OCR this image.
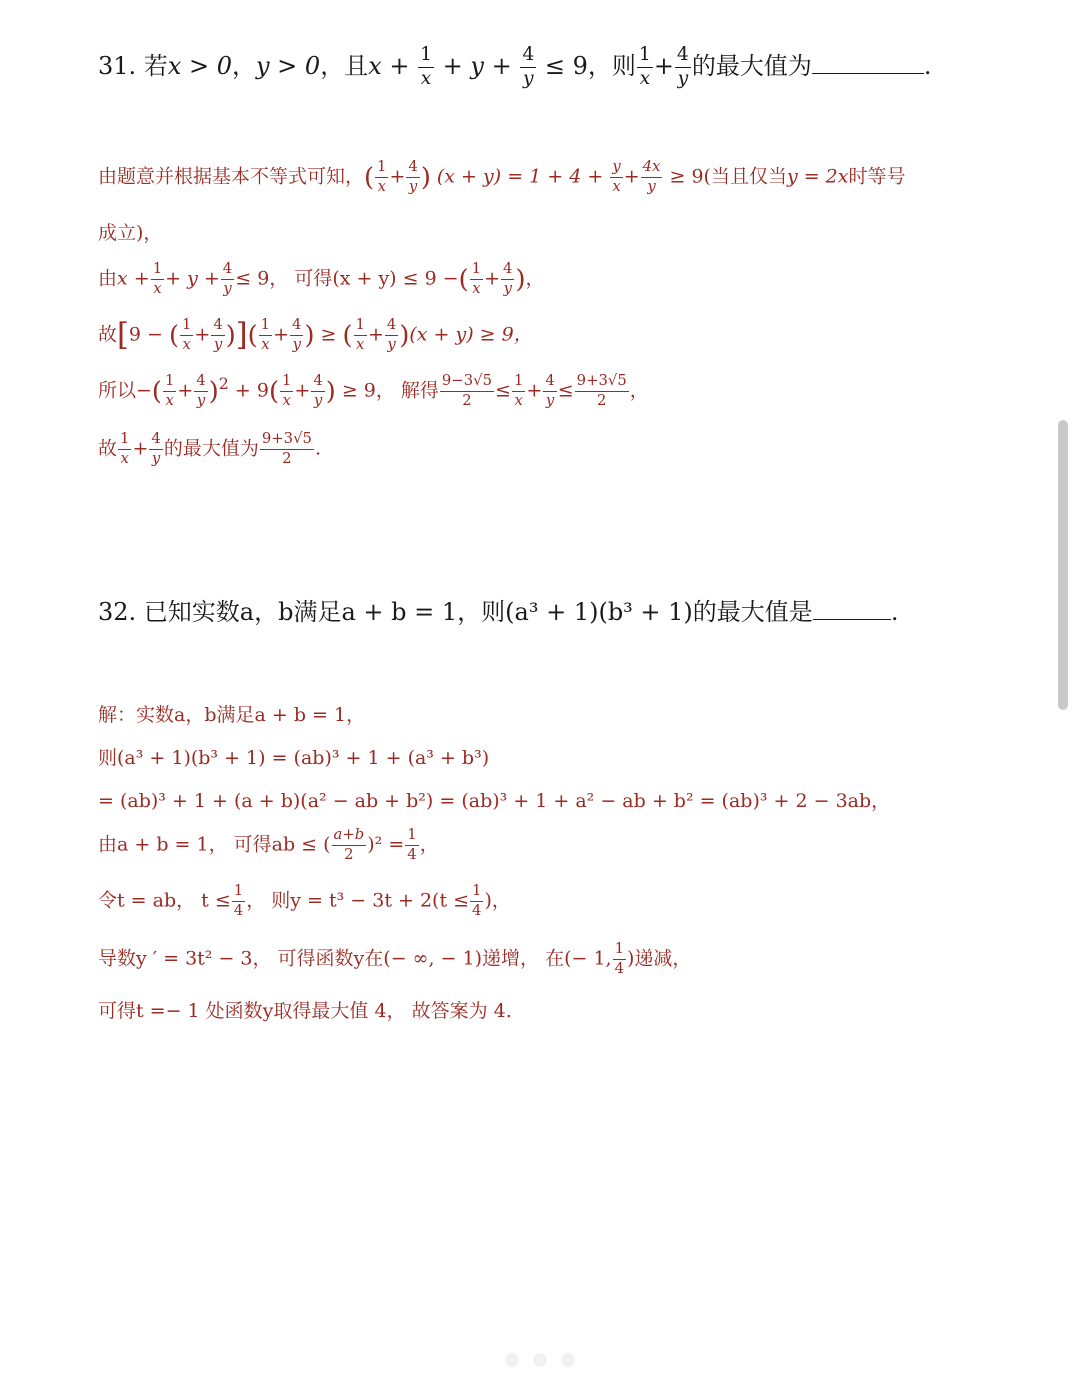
31. 若x > 0，y > 0，且$x + \frac{1}{x} + y + \frac{4}{y} \le 9$，则 $\frac{1}{x} + \frac{4}{y}$ 的最大值为	.
由题意并根据基本不等式可知，( $\frac{1}{x} + \frac{4}{y}$ ) $(x + y) = 1 + 4 + \frac{y}{x} + \frac{4x}{y} \ge 9$(当且仅当y = 2x时等号
成立)，
由$x + \frac{1}{x} + y + \frac{4}{y} \le 9$， 可得(x + y) ≤ 9 −( $\frac{1}{x} + \frac{4}{y}$ )，
故[9 − ( $\frac{1}{x} + \frac{4}{y}$ )]( $\frac{1}{x} + \frac{4}{y}$ ) ≥ ( $\frac{1}{x} + \frac{4}{y} )(x + y) \ge 9$，
所以−( $\frac{1}{x} + \frac{4}{y} )^2 + 9( \frac{1}{x} + \frac{4}{y}$ ) ≥ 9， 解得 $\frac{9-3√5}{2} \le \frac{1}{x} + \frac{4}{y} \le \frac{9+3√5}{2}$ ，
故 $\frac{1}{x} + \frac{4}{y}$ 的最大值为 $\frac{9+3√5}{2}$ .
32. 已知实数a，b满足a + b = 1，则(a³ + 1)(b³ + 1)的最大值是	.
解：实数a，b满足a + b = 1，
则(a³ + 1)(b³ + 1) = (ab)³ + 1 + (a³ + b³)
= (ab)³ + 1 + (a + b)(a² − ab + b²) = (ab)³ + 1 + a² − ab + b² = (ab)³ + 2 − 3ab，
由a + b = 1， 可得ab ≤ ( $\frac{a+b}{2} )^2 = \frac{1}{4}$ ，
令t = ab， $t \le \frac{1}{4}$ ， 则$y = t^3 - 3t + 2(t \le \frac{1}{4}$ )，
导数y ′ = 3t² − 3， 可得函数y在(− ∞, − 1)递增， 在(− 1, $\frac{1}{4}$ )递减，
可得t =− 1 处函数y取得最大值 4， 故答案为 4.
